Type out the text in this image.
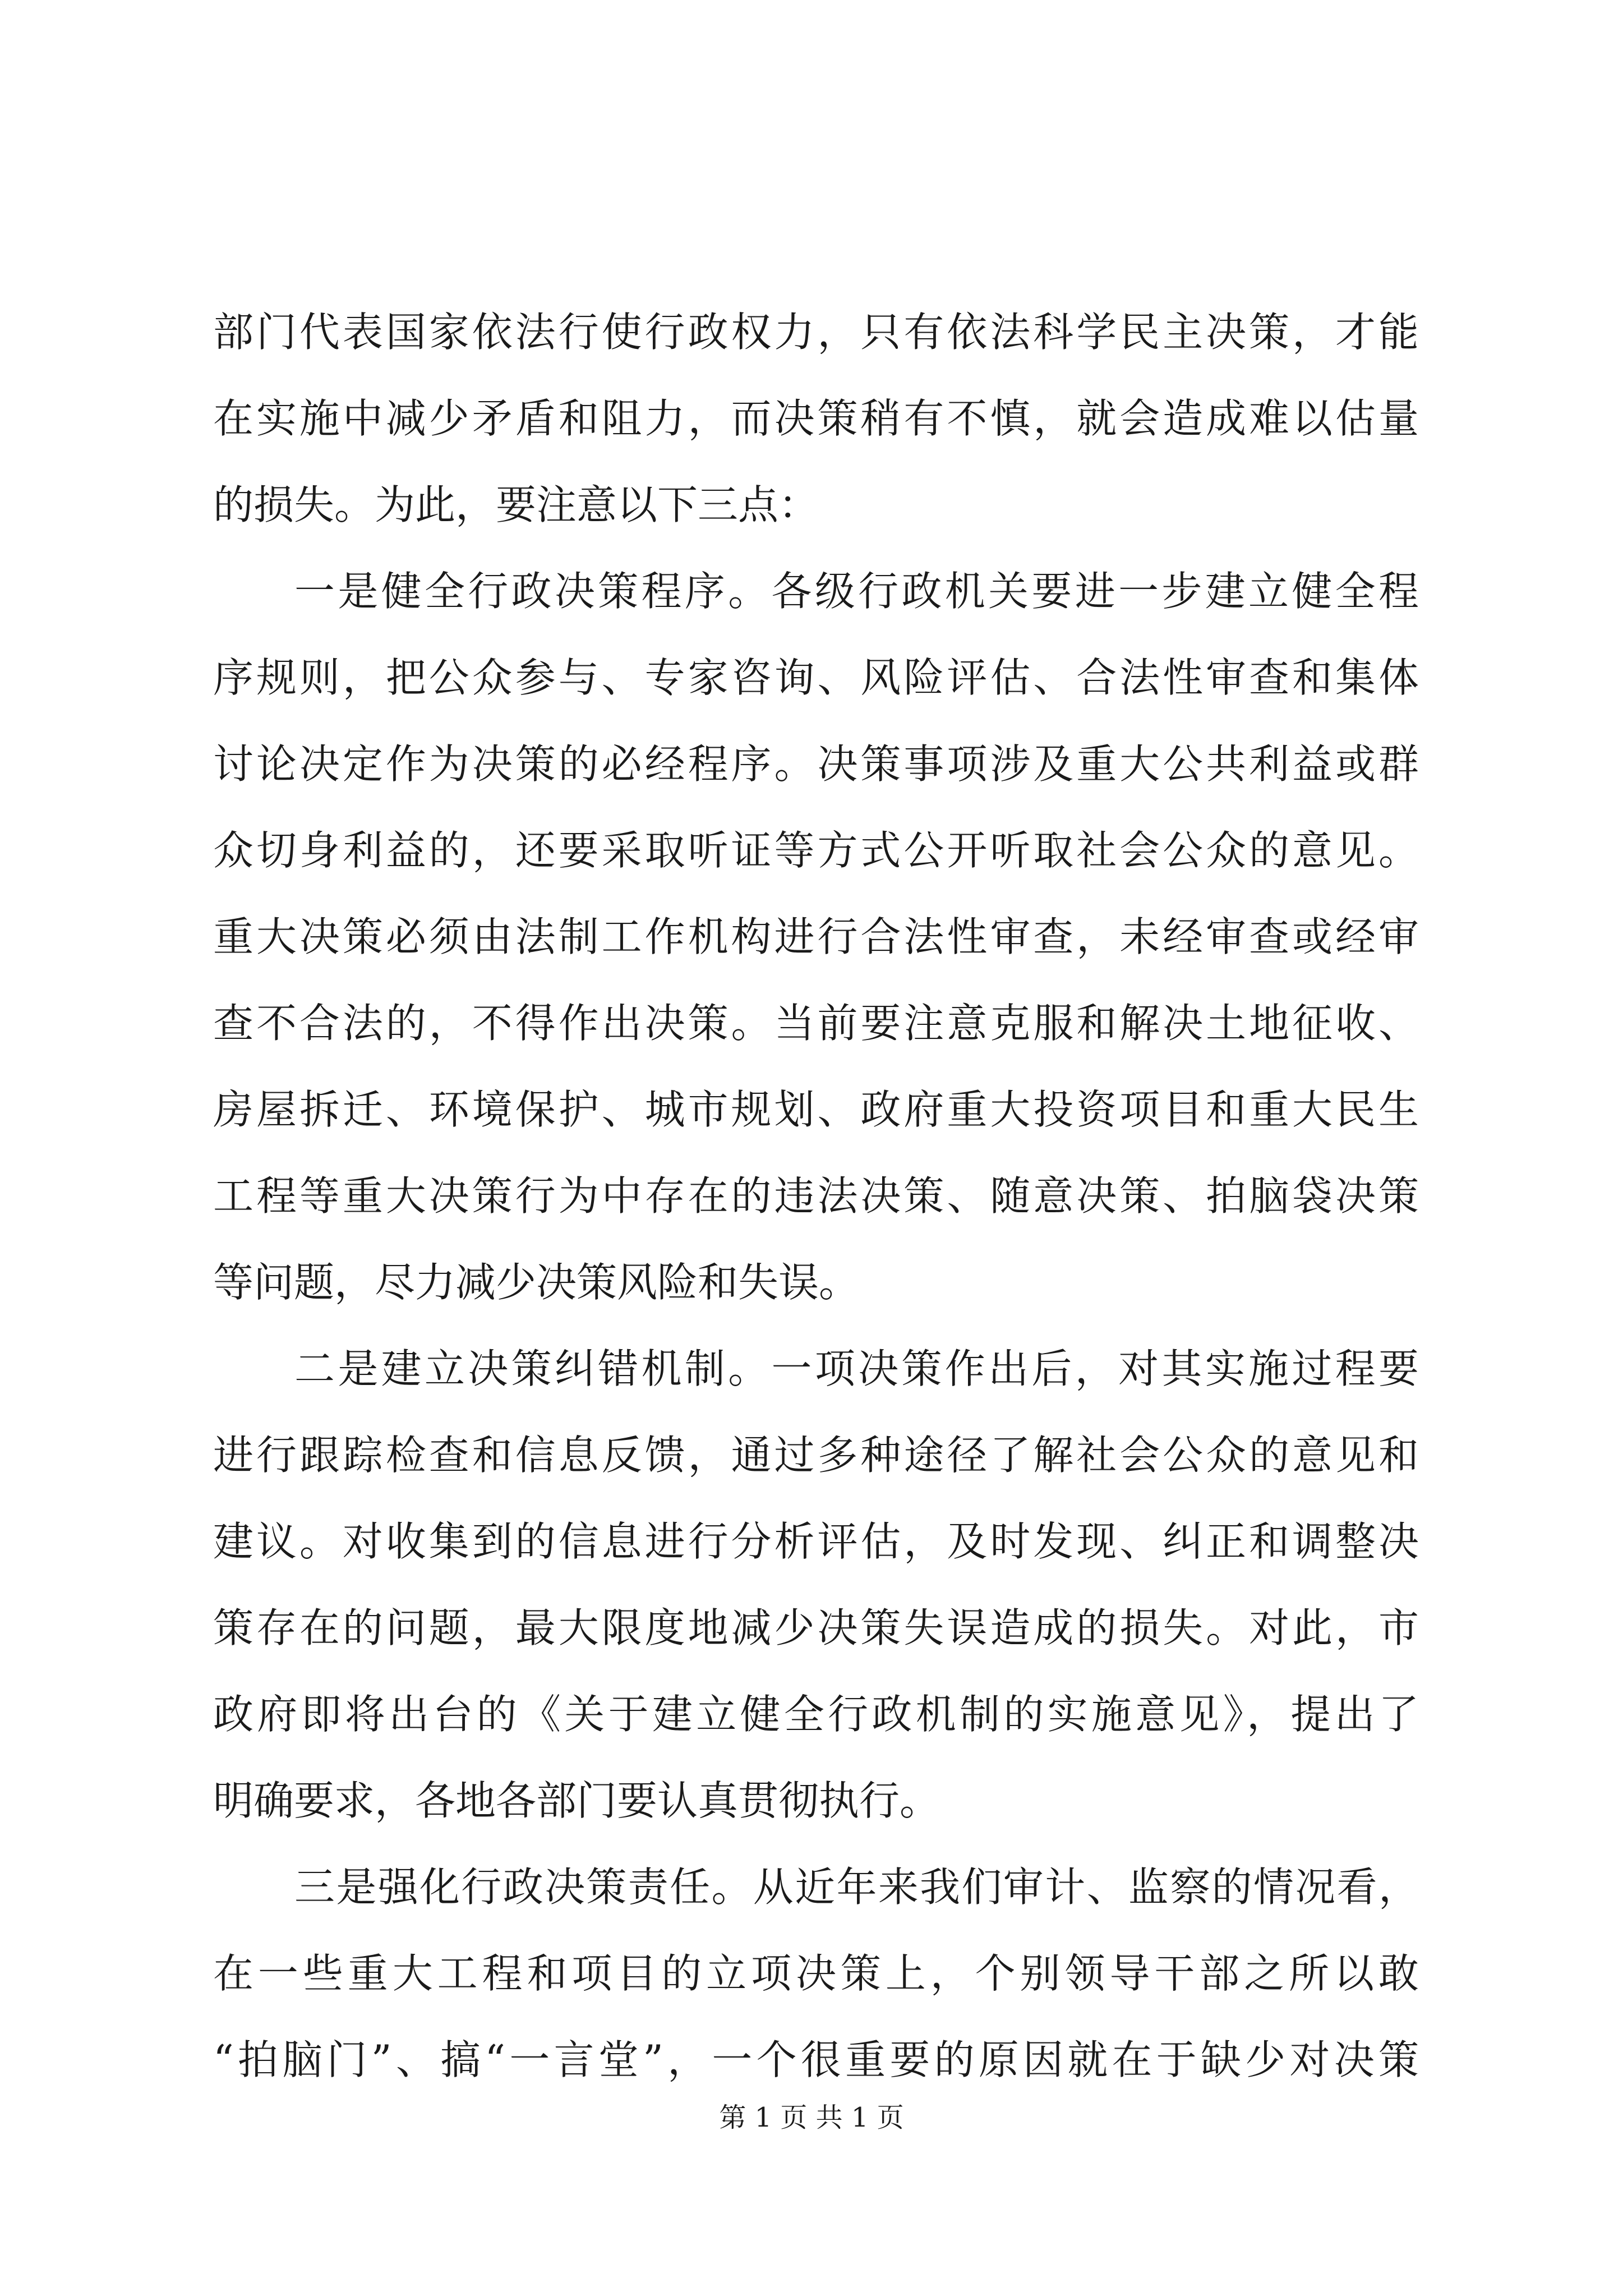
部门代表国家依法行使行政权力，只有依法科学民主决策，才能
在实施中减少矛盾和阻力，而决策稍有不慎，就会造成难以估量
的损失。为此，要注意以下三点：
一是健全行政决策程序。各级行政机关要进一步建立健全程
序规则，把公众参与、专家咨询、风险评估、合法性审查和集体
讨论决定作为决策的必经程序。决策事项涉及重大公共利益或群
众切身利益的，还要采取听证等方式公开听取社会公众的意见。
重大决策必须由法制工作机构进行合法性审查，未经审查或经审
查不合法的，不得作出决策。当前要注意克服和解决土地征收、
房屋拆迁、环境保护、城市规划、政府重大投资项目和重大民生
工程等重大决策行为中存在的违法决策、随意决策、拍脑袋决策
等问题，尽力减少决策风险和失误。
二是建立决策纠错机制。一项决策作出后，对其实施过程要
进行跟踪检查和信息反馈，通过多种途径了解社会公众的意见和
建议。对收集到的信息进行分析评估，及时发现、纠正和调整决
策存在的问题，最大限度地减少决策失误造成的损失。对此，市
政府即将出台的《关于建立健全行政机制的实施意见》，提出了
明确要求，各地各部门要认真贯彻执行。
三是强化行政决策责任。从近年来我们审计、监察的情况看，
在一些重大工程和项目的立项决策上，个别领导干部之所以敢
“拍脑门”、搞“一言堂”，一个很重要的原因就在于缺少对决策
第 1 页 共 1 页
